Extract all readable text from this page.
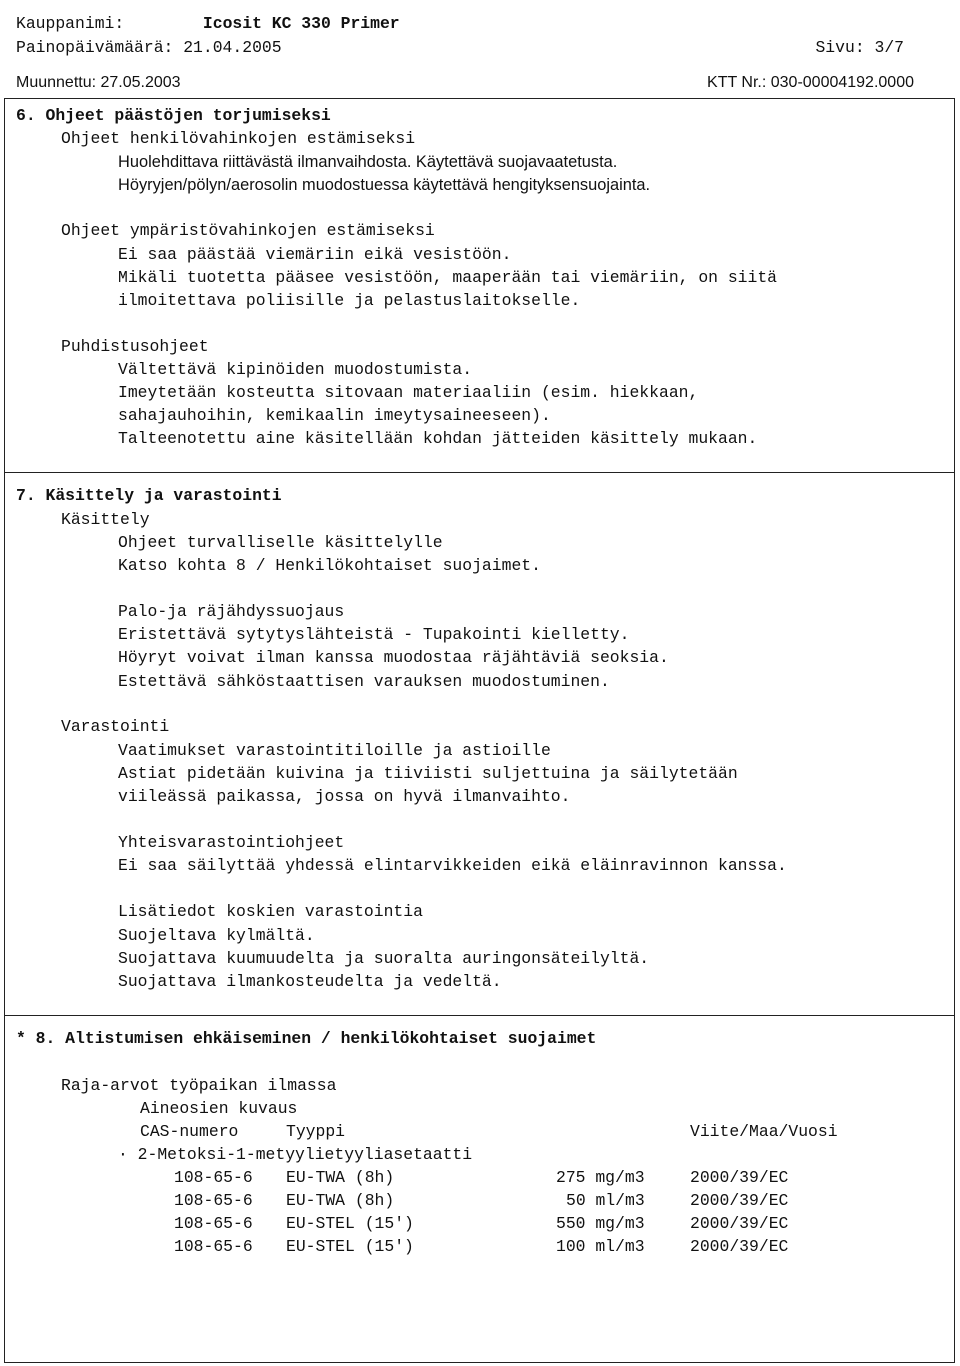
Kauppanimi:	Icosit KC 330 Primer
Painopäivämäärä: 21.04.2005	Sivu: 3/7
Muunnettu: 27.05.2003	KTT Nr.: 030-00004192.0000
6. Ohjeet päästöjen torjumiseksi
Ohjeet henkilövahinkojen estämiseksi
Huolehdittava riittävästä ilmanvaihdosta. Käytettävä suojavaatetusta.
Höyryjen/pölyn/aerosolin muodostuessa käytettävä hengityksensuojainta.
Ohjeet ympäristövahinkojen estämiseksi
Ei saa päästää viemäriin eikä vesistöön.
Mikäli tuotetta pääsee vesistöön, maaperään tai viemäriin, on siitä
ilmoitettava poliisille ja pelastuslaitokselle.
Puhdistusohjeet
Vältettävä kipinöiden muodostumista.
Imeytetään kosteutta sitovaan materiaaliin (esim. hiekkaan,
sahajauhoihin, kemikaalin imeytysaineeseen).
Talteenotettu aine käsitellään kohdan jätteiden käsittely mukaan.
7. Käsittely ja varastointi
Käsittely
Ohjeet turvalliselle käsittelylle
Katso kohta 8 / Henkilökohtaiset suojaimet.
Palo-ja räjähdyssuojaus
Eristettävä sytytyslähteistä - Tupakointi kielletty.
Höyryt voivat ilman kanssa muodostaa räjähtäviä seoksia.
Estettävä sähköstaattisen varauksen muodostuminen.
Varastointi
Vaatimukset varastointitiloille ja astioille
Astiat pidetään kuivina ja tiiviisti suljettuina ja säilytetään
viileässä paikassa, jossa on hyvä ilmanvaihto.
Yhteisvarastointiohjeet
Ei saa säilyttää yhdessä elintarvikkeiden eikä eläinravinnon kanssa.
Lisätiedot koskien varastointia
Suojeltava kylmältä.
Suojattava kuumuudelta ja suoralta auringonsäteilyltä.
Suojattava ilmankosteudelta ja vedeltä.
* 8. Altistumisen ehkäiseminen / henkilökohtaiset suojaimet
Raja-arvot työpaikan ilmassa
Aineosien kuvaus
CAS-numero	Tyyppi	Viite/Maa/Vuosi
· 2-Metoksi-1-metyylietyyliasetaatti
108-65-6 EU-TWA (8h)	275 mg/m3	2000/39/EC
108-65-6 EU-TWA (8h)	50 ml/m3	2000/39/EC
108-65-6 EU-STEL (15')	550 mg/m3	2000/39/EC
108-65-6 EU-STEL (15')	100 ml/m3	2000/39/EC
